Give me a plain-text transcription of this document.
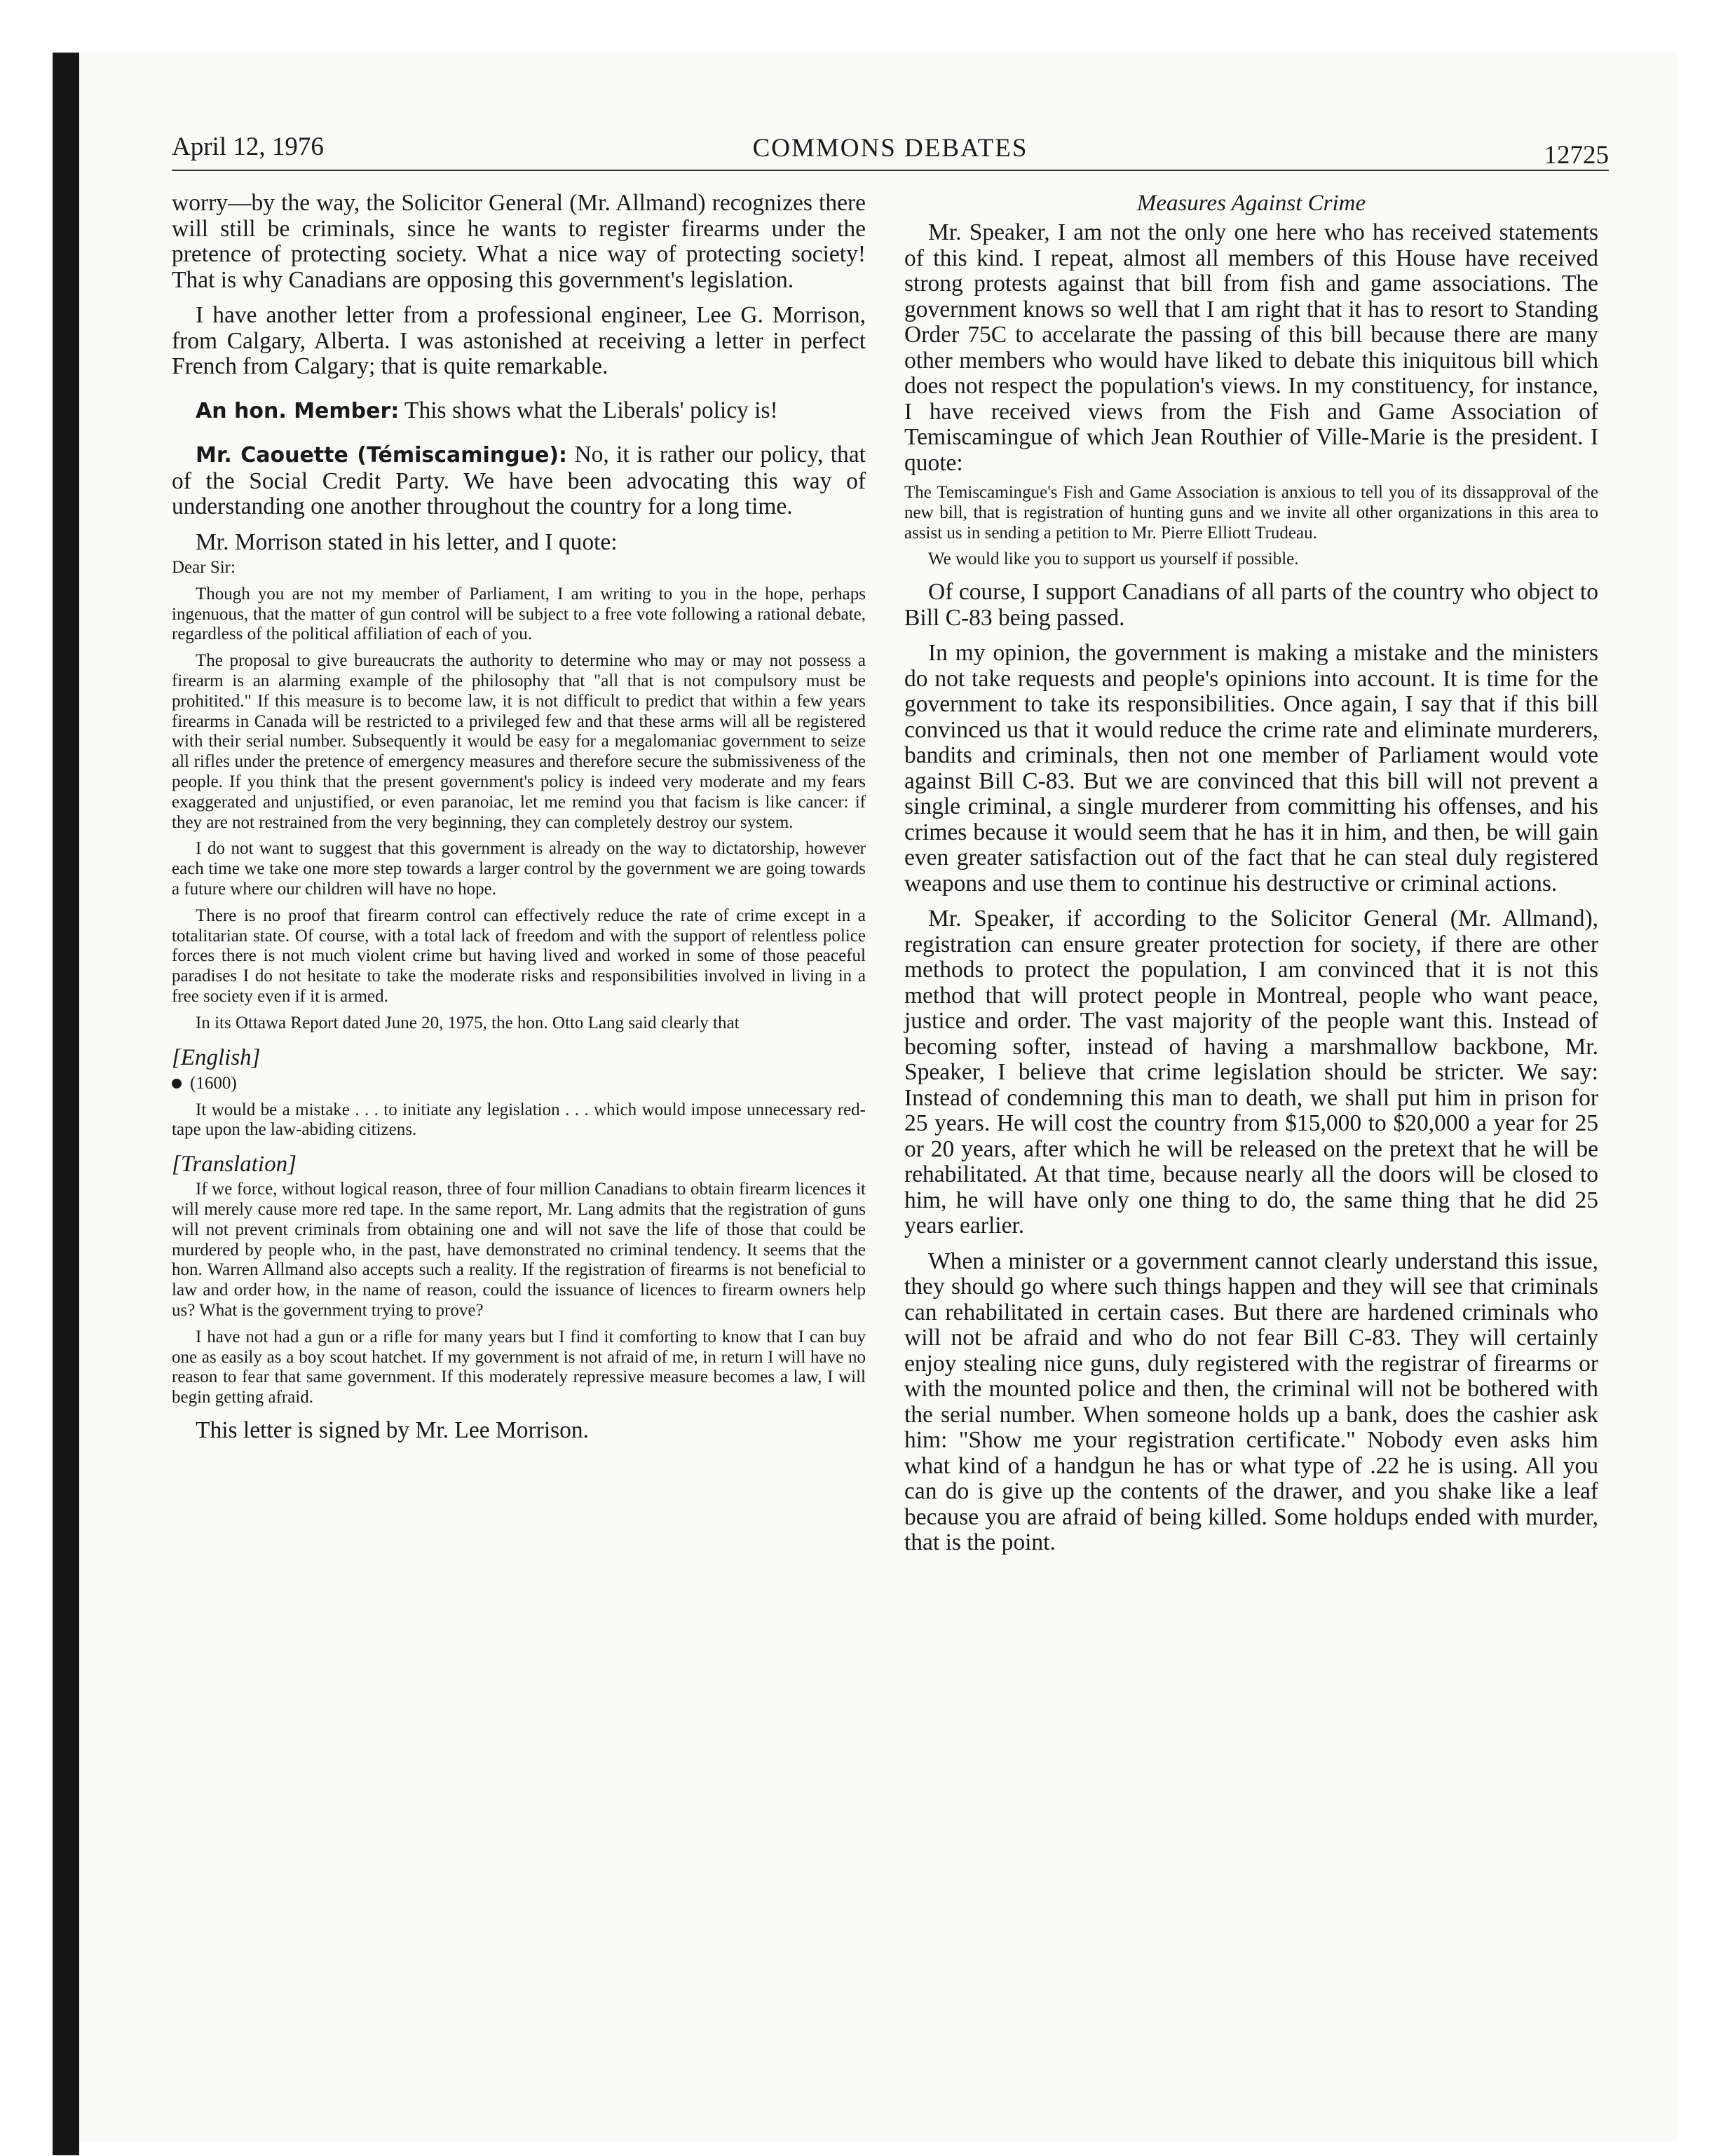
April 12, 1976	COMMONS DEBATES	12725

worry—by the way, the Solicitor General (Mr. Allmand) recognizes there will still be criminals, since he wants to register firearms under the pretence of protecting society. What a nice way of protecting society! That is why Canadians are opposing this government's legislation.

I have another letter from a professional engineer, Lee G. Morrison, from Calgary, Alberta. I was astonished at receiving a letter in perfect French from Calgary; that is quite remarkable.

An hon. Member: This shows what the Liberals' policy is!

Mr. Caouette (Témiscamingue): No, it is rather our policy, that of the Social Credit Party. We have been advocating this way of understanding one another throughout the country for a long time.

Mr. Morrison stated in his letter, and I quote:

Dear Sir:

Though you are not my member of Parliament, I am writing to you in the hope, perhaps ingenuous, that the matter of gun control will be subject to a free vote following a rational debate, regardless of the political affiliation of each of you.

The proposal to give bureaucrats the authority to determine who may or may not possess a firearm is an alarming example of the philosophy that "all that is not compulsory must be prohitited." If this measure is to become law, it is not difficult to predict that within a few years firearms in Canada will be restricted to a privileged few and that these arms will all be registered with their serial number. Subsequently it would be easy for a megalomaniac government to seize all rifles under the pretence of emergency measures and therefore secure the submissiveness of the people. If you think that the present government's policy is indeed very moderate and my fears exaggerated and unjustified, or even paranoiac, let me remind you that facism is like cancer: if they are not restrained from the very beginning, they can completely destroy our system.

I do not want to suggest that this government is already on the way to dictatorship, however each time we take one more step towards a larger control by the government we are going towards a future where our children will have no hope.

There is no proof that firearm control can effectively reduce the rate of crime except in a totalitarian state. Of course, with a total lack of freedom and with the support of relentless police forces there is not much violent crime but having lived and worked in some of those peaceful paradises I do not hesitate to take the moderate risks and responsibilities involved in living in a free society even if it is armed.

In its Ottawa Report dated June 20, 1975, the hon. Otto Lang said clearly that

[English]

(1600)

It would be a mistake . . . to initiate any legislation . . . which would impose unnecessary red-tape upon the law-abiding citizens.

[Translation]

If we force, without logical reason, three of four million Canadians to obtain firearm licences it will merely cause more red tape. In the same report, Mr. Lang admits that the registration of guns will not prevent criminals from obtaining one and will not save the life of those that could be murdered by people who, in the past, have demonstrated no criminal tendency. It seems that the hon. Warren Allmand also accepts such a reality. If the registration of firearms is not beneficial to law and order how, in the name of reason, could the issuance of licences to firearm owners help us? What is the government trying to prove?

I have not had a gun or a rifle for many years but I find it comforting to know that I can buy one as easily as a boy scout hatchet. If my government is not afraid of me, in return I will have no reason to fear that same government. If this moderately repressive measure becomes a law, I will begin getting afraid.

This letter is signed by Mr. Lee Morrison.

Measures Against Crime

Mr. Speaker, I am not the only one here who has received statements of this kind. I repeat, almost all members of this House have received strong protests against that bill from fish and game associations. The government knows so well that I am right that it has to resort to Standing Order 75C to accelarate the passing of this bill because there are many other members who would have liked to debate this iniquitous bill which does not respect the population's views. In my constituency, for instance, I have received views from the Fish and Game Association of Temiscamingue of which Jean Routhier of Ville-Marie is the president. I quote:

The Temiscamingue's Fish and Game Association is anxious to tell you of its dissapproval of the new bill, that is registration of hunting guns and we invite all other organizations in this area to assist us in sending a petition to Mr. Pierre Elliott Trudeau.

We would like you to support us yourself if possible.

Of course, I support Canadians of all parts of the country who object to Bill C-83 being passed.

In my opinion, the government is making a mistake and the ministers do not take requests and people's opinions into account. It is time for the government to take its responsibilities. Once again, I say that if this bill convinced us that it would reduce the crime rate and eliminate murderers, bandits and criminals, then not one member of Parliament would vote against Bill C-83. But we are convinced that this bill will not prevent a single criminal, a single murderer from committing his offenses, and his crimes because it would seem that he has it in him, and then, be will gain even greater satisfaction out of the fact that he can steal duly registered weapons and use them to continue his destructive or criminal actions.

Mr. Speaker, if according to the Solicitor General (Mr. Allmand), registration can ensure greater protection for society, if there are other methods to protect the population, I am convinced that it is not this method that will protect people in Montreal, people who want peace, justice and order. The vast majority of the people want this. Instead of becoming softer, instead of having a marshmallow backbone, Mr. Speaker, I believe that crime legislation should be stricter. We say: Instead of condemning this man to death, we shall put him in prison for 25 years. He will cost the country from $15,000 to $20,000 a year for 25 or 20 years, after which he will be released on the pretext that he will be rehabilitated. At that time, because nearly all the doors will be closed to him, he will have only one thing to do, the same thing that he did 25 years earlier.

When a minister or a government cannot clearly understand this issue, they should go where such things happen and they will see that criminals can rehabilitated in certain cases. But there are hardened criminals who will not be afraid and who do not fear Bill C-83. They will certainly enjoy stealing nice guns, duly registered with the registrar of firearms or with the mounted police and then, the criminal will not be bothered with the serial number. When someone holds up a bank, does the cashier ask him: "Show me your registration certificate." Nobody even asks him what kind of a handgun he has or what type of .22 he is using. All you can do is give up the contents of the drawer, and you shake like a leaf because you are afraid of being killed. Some holdups ended with murder, that is the point.
